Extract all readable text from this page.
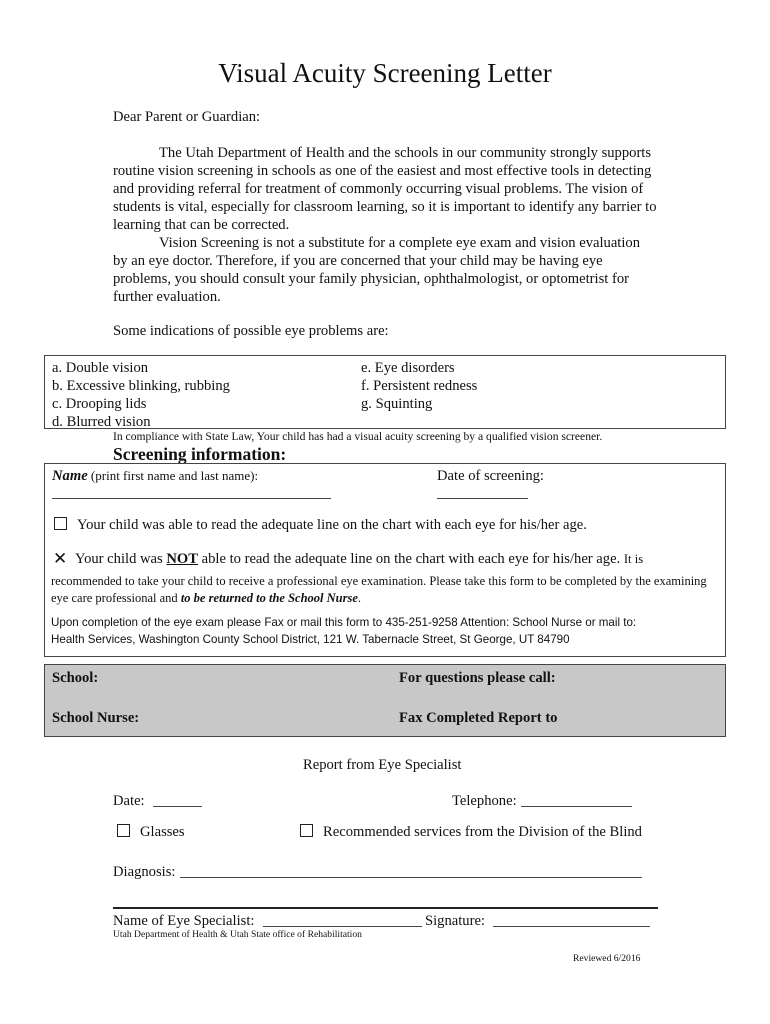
Visual Acuity Screening Letter
Dear Parent or Guardian:
The Utah Department of Health and the schools in our community strongly supports routine vision screening in schools as one of the easiest and most effective tools in detecting and providing referral for treatment of commonly occurring visual problems. The vision of students is vital, especially for classroom learning, so it is important to identify any barrier to learning that can be corrected.
Vision Screening is not a substitute for a complete eye exam and vision evaluation by an eye doctor. Therefore, if you are concerned that your child may be having eye problems, you should consult your family physician, ophthalmologist, or optometrist for further evaluation.
Some indications of possible eye problems are:
a. Double vision
b. Excessive blinking, rubbing
c. Drooping lids
d. Blurred vision
e. Eye disorders
f. Persistent redness
g. Squinting
In compliance with State Law, Your child has had a visual acuity screening by a qualified vision screener.
Screening information:
Name (print first name and last name):	Date of screening:
Your child was able to read the adequate line on the chart with each eye for his/her age.
✕ Your child was NOT able to read the adequate line on the chart with each eye for his/her age. It is
recommended to take your child to receive a professional eye examination. Please take this form to be completed by the examining eye care professional and to be returned to the School Nurse.
Upon completion of the eye exam please Fax or mail this form to 435-251-9258 Attention: School Nurse or mail to:
Health Services, Washington County School District, 121 W. Tabernacle Street, St George, UT 84790
School:	For questions please call:
School Nurse:	Fax Completed Report to
Report from Eye Specialist
Date:	Telephone:
Glasses	Recommended services from the Division of the Blind
Diagnosis:
Name of Eye Specialist:	Signature:
Utah Department of Health & Utah State office of Rehabilitation
Reviewed 6/2016
